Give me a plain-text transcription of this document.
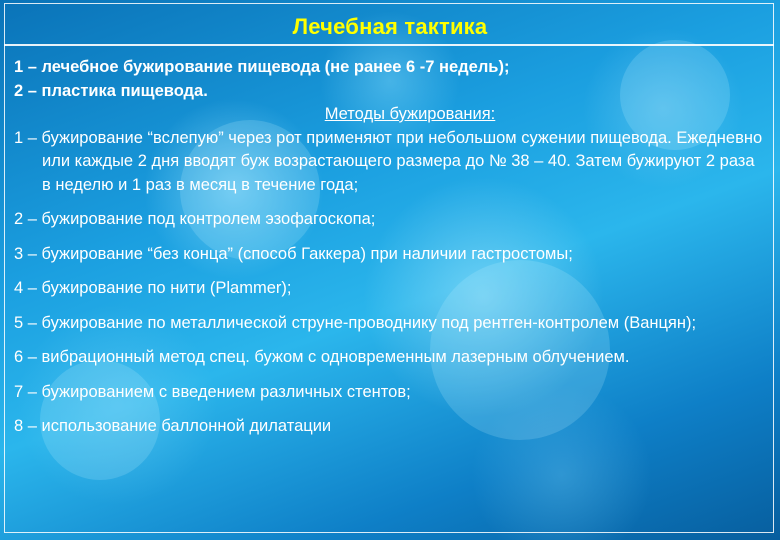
Лечебная тактика

1 – лечебное бужирование пищевода (не ранее 6 -7 недель);

2 – пластика пищевода.

Методы бужирования:

1 – бужирование “вслепую” через рот применяют при небольшом сужении пищевода. Ежедневно или каждые 2 дня вводят буж возрастающего размера до № 38 – 40. Затем бужируют 2 раза в неделю и 1 раз в месяц в течение года;

2 – бужирование под контролем эзофагоскопа;

3 – бужирование “без конца” (способ Гаккера) при наличии гастростомы;

4 – бужирование по нити (Plammer);

5 – бужирование по металлической струне-проводнику под рентген-контролем (Ванцян);

6 – вибрационный метод спец. бужом с одновременным лазерным облучением.

7 – бужированием с введением различных стентов;

8 – использование баллонной дилатации
